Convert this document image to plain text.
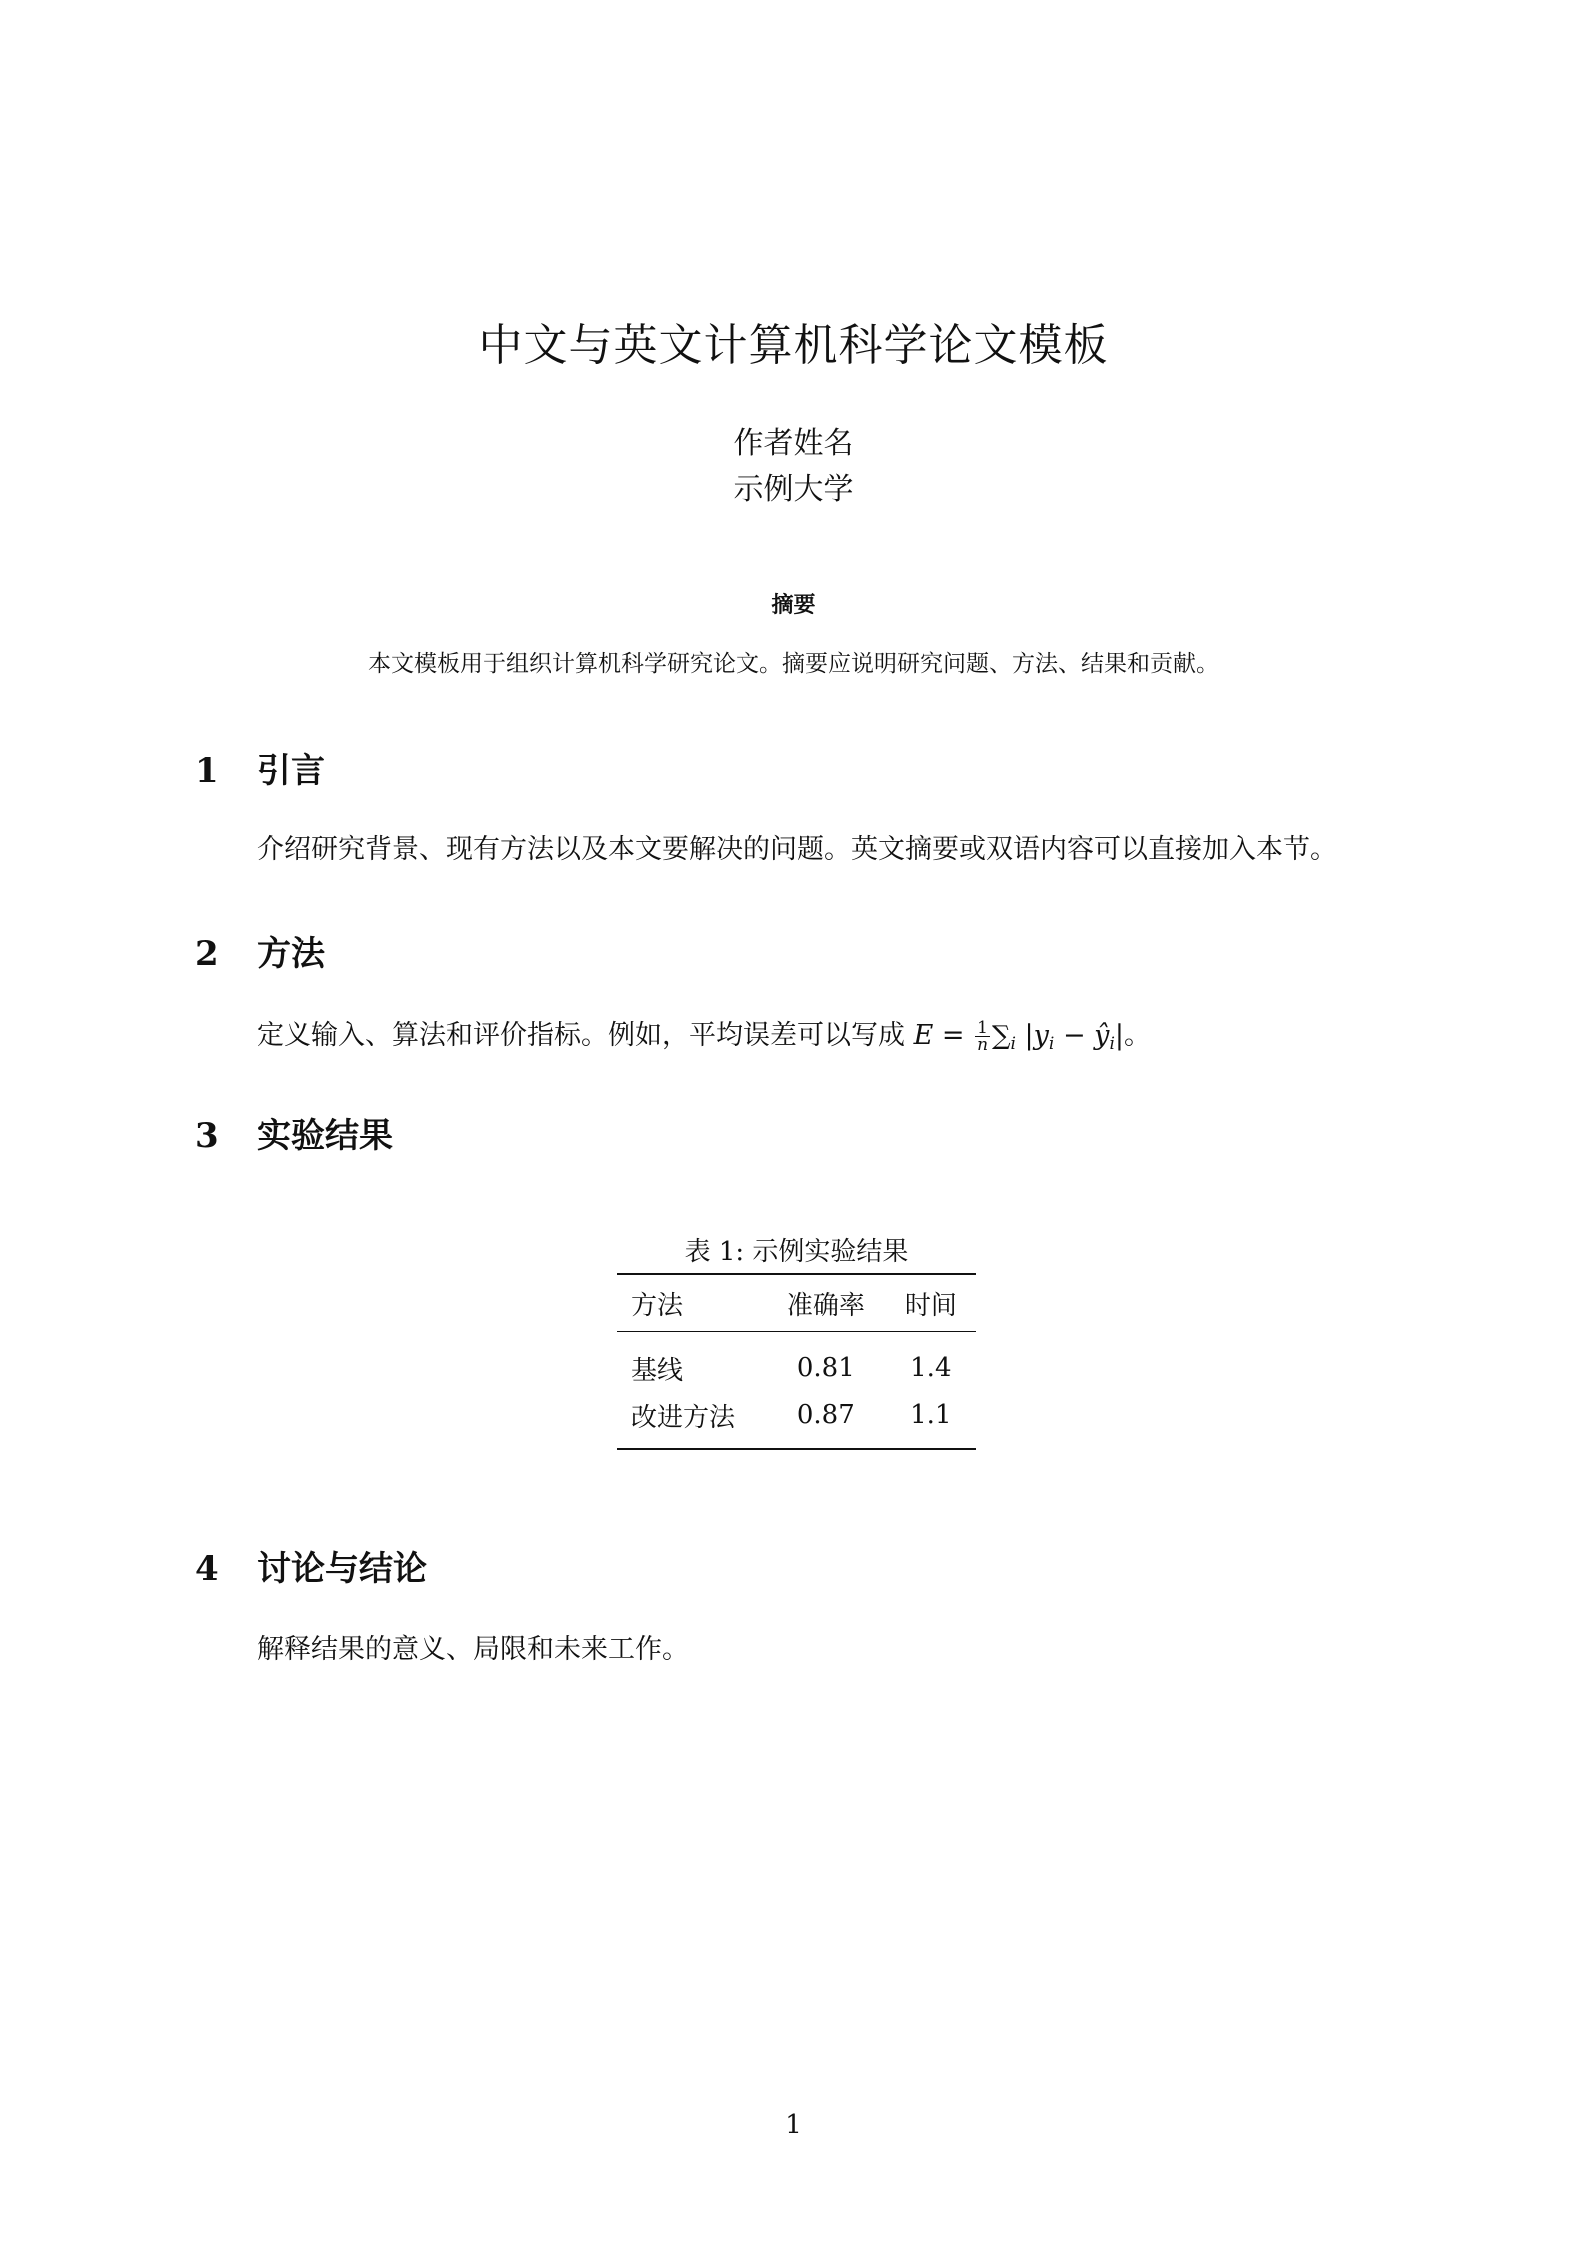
中文与英文计算机科学论文模板
作者姓名
示例大学
摘要
本文模板用于组织计算机科学研究论文。摘要应说明研究问题、方法、结果和贡献。
1	引言
介绍研究背景、现有方法以及本文要解决的问题。英文摘要或双语内容可以直接加入本节。
2	方法
定义输入、算法和评价指标。例如，平均误差可以写成 $E = \frac{1}{n} \sum_i$ $|y_i$ − $ŷ_i|$。
3	实验结果
表 1: 示例实验结果
方法	准确率	时间
基线	0.81	1.4
改进方法	0.87	1.1
4	讨论与结论
解释结果的意义、局限和未来工作。
1
